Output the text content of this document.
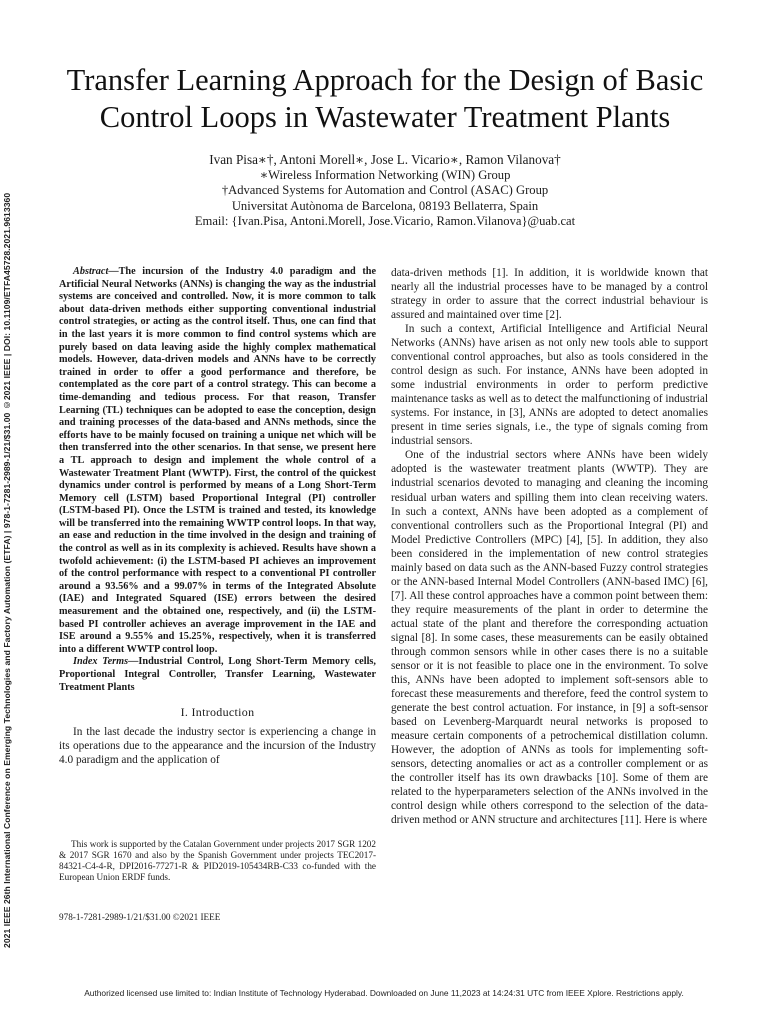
2021 IEEE 26th International Conference on Emerging Technologies and Factory Automation (ETFA) | 978-1-7281-2989-1/21/$31.00 ©2021 IEEE | DOI: 10.1109/ETFA45728.2021.9613360
Transfer Learning Approach for the Design of Basic Control Loops in Wastewater Treatment Plants
Ivan Pisa∗†, Antoni Morell∗, Jose L. Vicario∗, Ramon Vilanova†
∗Wireless Information Networking (WIN) Group
†Advanced Systems for Automation and Control (ASAC) Group
Universitat Autònoma de Barcelona, 08193 Bellaterra, Spain
Email: {Ivan.Pisa, Antoni.Morell, Jose.Vicario, Ramon.Vilanova}@uab.cat

Abstract—The incursion of the Industry 4.0 paradigm and the Artificial Neural Networks (ANNs) is changing the way as the industrial systems are conceived and controlled. Now, it is more common to talk about data-driven methods either supporting conventional industrial control strategies, or acting as the control itself. Thus, one can find that in the last years it is more common to find control systems which are purely based on data leaving aside the highly complex mathematical models. However, data-driven models and ANNs have to be correctly trained in order to offer a good performance and therefore, be contemplated as the core part of a control strategy. This can become a time-demanding and tedious process. For that reason, Transfer Learning (TL) techniques can be adopted to ease the conception, design and training processes of the data-based and ANNs methods, since the efforts have to be mainly focused on training a unique net which will be then transferred into the other scenarios. In that sense, we present here a TL approach to design and implement the whole control of a Wastewater Treatment Plant (WWTP). First, the control of the quickest dynamics under control is performed by means of a Long Short-Term Memory cell (LSTM) based Proportional Integral (PI) controller (LSTM-based PI). Once the LSTM is trained and tested, its knowledge will be transferred into the remaining WWTP control loops. In that way, an ease and reduction in the time involved in the design and training of the control as well as in its complexity is achieved. Results have shown a twofold achievement: (i) the LSTM-based PI achieves an improvement of the control performance with respect to a conventional PI controller around a 93.56% and a 99.07% in terms of the Integrated Absolute (IAE) and Integrated Squared (ISE) errors between the desired measurement and the obtained one, respectively, and (ii) the LSTM-based PI controller achieves an average improvement in the IAE and ISE around a 9.55% and 15.25%, respectively, when it is transferred into a different WWTP control loop.

Index Terms—Industrial Control, Long Short-Term Memory cells, Proportional Integral Controller, Transfer Learning, Wastewater Treatment Plants

I. Introduction

In the last decade the industry sector is experiencing a change in its operations due to the appearance and the incursion of the Industry 4.0 paradigm and the application of

This work is supported by the Catalan Government under projects 2017 SGR 1202 & 2017 SGR 1670 and also by the Spanish Government under projects TEC2017-84321-C4-4-R, DPI2016-77271-R & PID2019-105434RB-C33 co-funded with the European Union ERDF funds.
978-1-7281-2989-1/21/$31.00 ©2021 IEEE

data-driven methods [1]. In addition, it is worldwide known that nearly all the industrial processes have to be managed by a control strategy in order to assure that the correct industrial behaviour is assured and maintained over time [2].

In such a context, Artificial Intelligence and Artificial Neural Networks (ANNs) have arisen as not only new tools able to support conventional control approaches, but also as tools considered in the control design as such. For instance, ANNs have been adopted in some industrial environments in order to perform predictive maintenance tasks as well as to detect the malfunctioning of industrial systems. For instance, in [3], ANNs are adopted to detect anomalies present in time series signals, i.e., the type of signals coming from industrial sensors.

One of the industrial sectors where ANNs have been widely adopted is the wastewater treatment plants (WWTP). They are industrial scenarios devoted to managing and cleaning the incoming residual urban waters and spilling them into clean receiving waters. In such a context, ANNs have been adopted as a complement of conventional controllers such as the Proportional Integral (PI) and Model Predictive Controllers (MPC) [4], [5]. In addition, they also been considered in the implementation of new control strategies mainly based on data such as the ANN-based Fuzzy control strategies or the ANN-based Internal Model Controllers (ANN-based IMC) [6], [7]. All these control approaches have a common point between them: they require measurements of the plant in order to determine the actual state of the plant and therefore the corresponding actuation signal [8]. In some cases, these measurements can be easily obtained through common sensors while in other cases there is no a suitable sensor or it is not feasible to place one in the environment. To solve this, ANNs have been adopted to implement soft-sensors able to forecast these measurements and therefore, feed the control system to generate the best control actuation. For instance, in [9] a soft-sensor based on Levenberg-Marquardt neural networks is proposed to measure certain components of a petrochemical distillation column. However, the adoption of ANNs as tools for implementing soft-sensors, detecting anomalies or act as a controller complement or as the controller itself has its own drawbacks [10]. Some of them are related to the hyperparameters selection of the ANNs involved in the control design while others correspond to the selection of the data-driven method or ANN structure and architectures [11]. Here is where

Authorized licensed use limited to: Indian Institute of Technology Hyderabad. Downloaded on June 11,2023 at 14:24:31 UTC from IEEE Xplore. Restrictions apply.
